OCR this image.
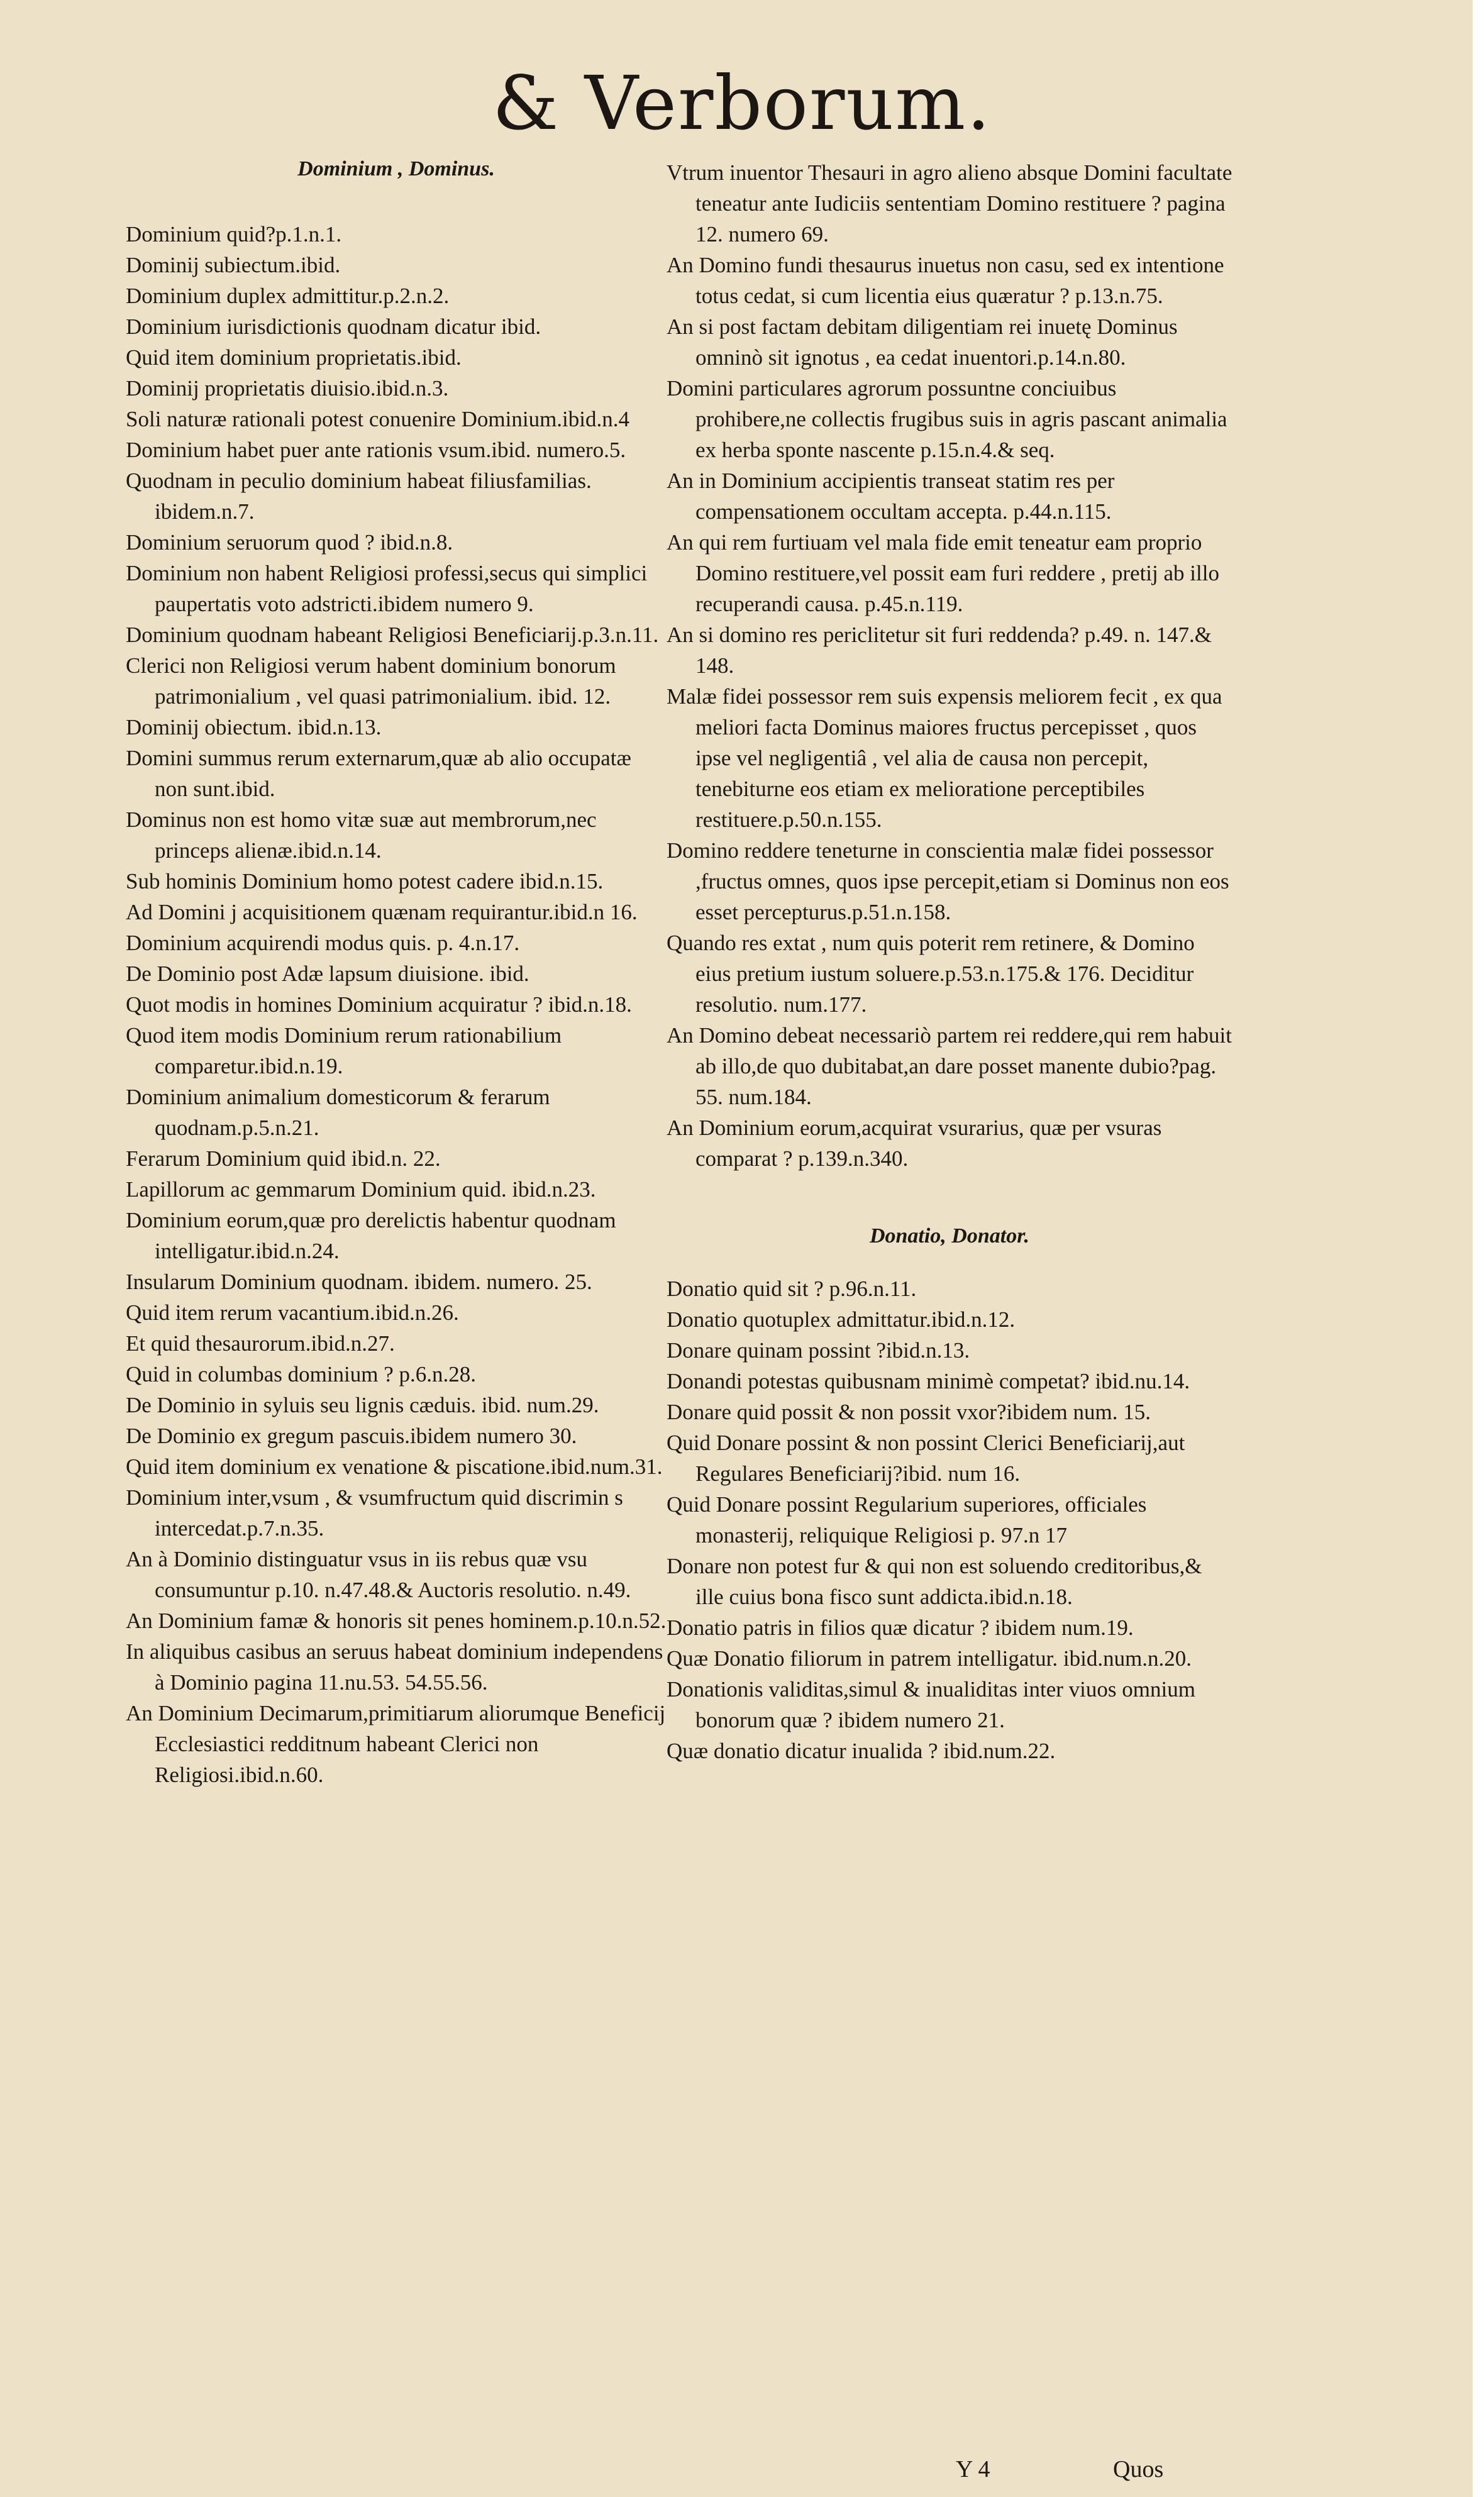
& Verborum.

Dominium , Dominus.

Dominium quid?p.1.n.1.

Dominij subiectum.ibid.

Dominium duplex admittitur.p.2.n.2.

Dominium iurisdictionis quodnam dicatur ibid.

Quid item dominium proprietatis.ibid.

Dominij proprietatis diuisio.ibid.n.3.

Soli naturæ rationali potest conuenire Dominium.ibid.n.4

Dominium habet puer ante rationis vsum.ibid. numero.5.

Quodnam in peculio dominium habeat filiusfamilias. ibidem.n.7.

Dominium seruorum quod ? ibid.n.8.

Dominium non habent Religiosi professi,secus qui simplici paupertatis voto adstricti.ibidem numero 9.

Dominium quodnam habeant Religiosi Beneficiarij.p.3.n.11.

Clerici non Religiosi verum habent dominium bonorum patrimonialium , vel quasi patrimonialium. ibid. 12.

Dominij obiectum. ibid.n.13.

Domini summus rerum externarum,quæ ab alio occupatæ non sunt.ibid.

Dominus non est homo vitæ suæ aut membrorum,nec princeps alienæ.ibid.n.14.

Sub hominis Dominium homo potest cadere ibid.n.15.

Ad Domini j acquisitionem quænam requirantur.ibid.n 16.

Dominium acquirendi modus quis. p. 4.n.17.

De Dominio post Adæ lapsum diuisione. ibid.

Quot modis in homines Dominium acquiratur ? ibid.n.18.

Quod item modis Dominium rerum rationabilium comparetur.ibid.n.19.

Dominium animalium domesticorum & ferarum quodnam.p.5.n.21.

Ferarum Dominium quid ibid.n. 22.

Lapillorum ac gemmarum Dominium quid. ibid.n.23.

Dominium eorum,quæ pro derelictis habentur quodnam intelligatur.ibid.n.24.

Insularum Dominium quodnam. ibidem. numero. 25.

Quid item rerum vacantium.ibid.n.26.

Et quid thesaurorum.ibid.n.27.

Quid in columbas dominium ? p.6.n.28.

De Dominio in syluis seu lignis cæduis. ibid. num.29.

De Dominio ex gregum pascuis.ibidem numero 30.

Quid item dominium ex venatione & piscatione.ibid.num.31.

Dominium inter,vsum , & vsumfructum quid discrimin s intercedat.p.7.n.35.

An à Dominio distinguatur vsus in iis rebus quæ vsu consumuntur p.10. n.47.48.& Auctoris resolutio. n.49.

An Dominium famæ & honoris sit penes hominem.p.10.n.52.

In aliquibus casibus an seruus habeat dominium independens à Dominio pagina 11.nu.53. 54.55.56.

An Dominium Decimarum,primitiarum aliorumque Beneficij Ecclesiastici redditnum habeant Clerici non Religiosi.ibid.n.60.

Vtrum inuentor Thesauri in agro alieno absque Domini facultate teneatur ante Iudiciis sententiam Domino restituere ? pagina 12. numero 69.

An Domino fundi thesaurus inuetus non casu, sed ex intentione totus cedat, si cum licentia eius quæratur ? p.13.n.75.

An si post factam debitam diligentiam rei inuetę Dominus omninò sit ignotus , ea cedat inuentori.p.14.n.80.

Domini particulares agrorum possuntne conciuibus prohibere,ne collectis frugibus suis in agris pascant animalia ex herba sponte nascente p.15.n.4.& seq.

An in Dominium accipientis transeat statim res per compensationem occultam accepta. p.44.n.115.

An qui rem furtiuam vel mala fide emit teneatur eam proprio Domino restituere,vel possit eam furi reddere , pretij ab illo recuperandi causa. p.45.n.119.

An si domino res periclitetur sit furi reddenda? p.49. n. 147.& 148.

Malæ fidei possessor rem suis expensis meliorem fecit , ex qua meliori facta Dominus maiores fructus percepisset , quos ipse vel negligentiâ , vel alia de causa non percepit, tenebiturne eos etiam ex melioratione perceptibiles restituere.p.50.n.155.

Domino reddere teneturne in conscientia malæ fidei possessor ,fructus omnes, quos ipse percepit,etiam si Dominus non eos esset percepturus.p.51.n.158.

Quando res extat , num quis poterit rem retinere, & Domino eius pretium iustum soluere.p.53.n.175.& 176. Deciditur resolutio. num.177.

An Domino debeat necessariò partem rei reddere,qui rem habuit ab illo,de quo dubitabat,an dare posset manente dubio?pag. 55. num.184.

An Dominium eorum,acquirat vsurarius, quæ per vsuras comparat ? p.139.n.340.

Donatio, Donator.

Donatio quid sit ? p.96.n.11.

Donatio quotuplex admittatur.ibid.n.12.

Donare quinam possint ?ibid.n.13.

Donandi potestas quibusnam minimè competat? ibid.nu.14.

Donare quid possit & non possit vxor?ibidem num. 15.

Quid Donare possint & non possint Clerici Beneficiarij,aut Regulares Beneficiarij?ibid. num 16.

Quid Donare possint Regularium superiores, officiales monasterij, reliquique Religiosi p. 97.n 17

Donare non potest fur & qui non est soluendo creditoribus,& ille cuius bona fisco sunt addicta.ibid.n.18.

Donatio patris in filios quæ dicatur ? ibidem num.19.

Quæ Donatio filiorum in patrem intelligatur. ibid.num.n.20.

Donationis validitas,simul & inualiditas inter viuos omnium bonorum quæ ? ibidem numero 21.

Quæ donatio dicatur inualida ? ibid.num.22.

Y 4	Quos
